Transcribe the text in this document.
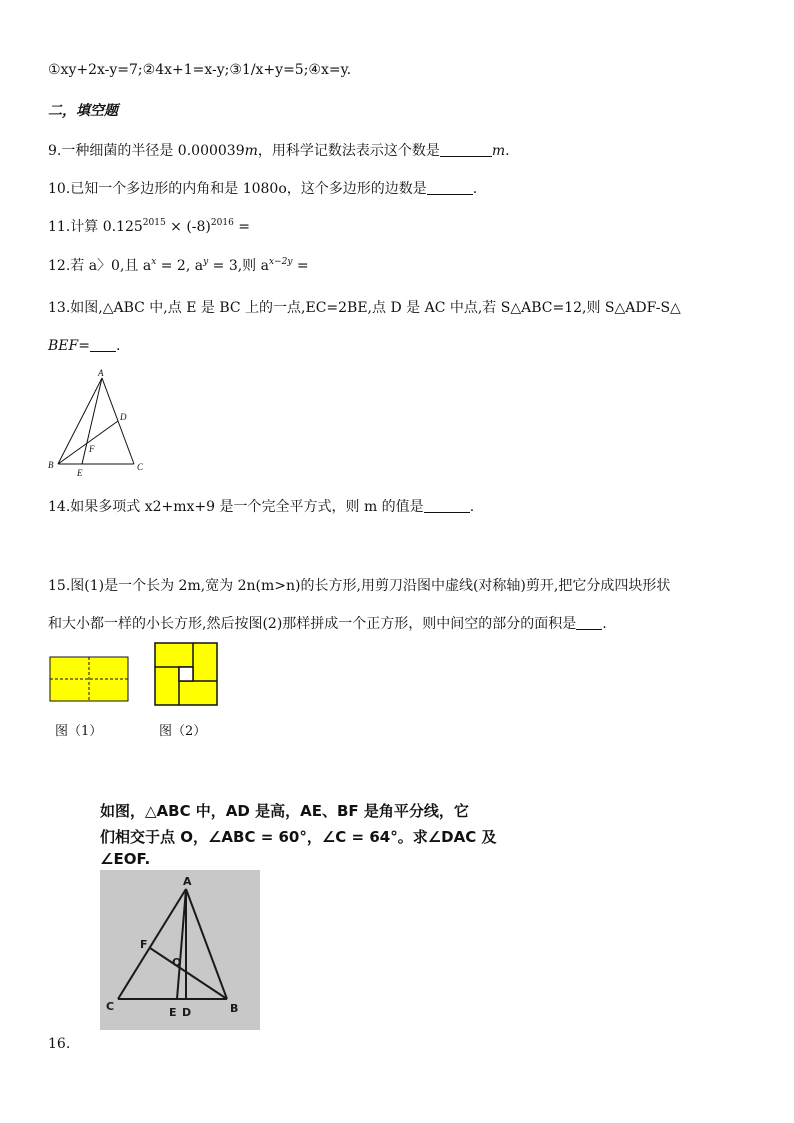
①xy+2x-y=7;②4x+1=x-y;③1/x+y=5;④x=y.
二，填空题
9.一种细菌的半径是 0.000039m，用科学记数法表示这个数是	m.
10.已知一个多边形的内角和是 1080o，这个多边形的边数是	.
11.计算 $0.125^{2015} \times (-8)^{2016}$ =
12.若 a〉0,且 $a^x = 2$, $a^y = 3$,则 $a^{x-2y}$ =
13.如图,△ABC 中,点 E 是 BC 上的一点,EC=2BE,点 D 是 AC 中点,若 S△ABC=12,则 S△ADF-S△
BEF= .
A
B	C
D
E
F
14.如果多项式 x2+mx+9 是一个完全平方式，则 m 的值是	.
15.图(1)是一个长为 2m,宽为 2n(m>n)的长方形,用剪刀沿图中虚线(对称轴)剪开,把它分成四块形状
和大小都一样的小长方形,然后按图(2)那样拼成一个正方形，则中间空的部分的面积是 .
图（1）	图（2）
如图，△ABC 中，AD 是高，AE、BF 是角平分线，它
们相交于点 O，∠ABC = 60°，∠C = 64°。求∠DAC 及
∠EOF.
A
B
C	D
E
F
O
16.
